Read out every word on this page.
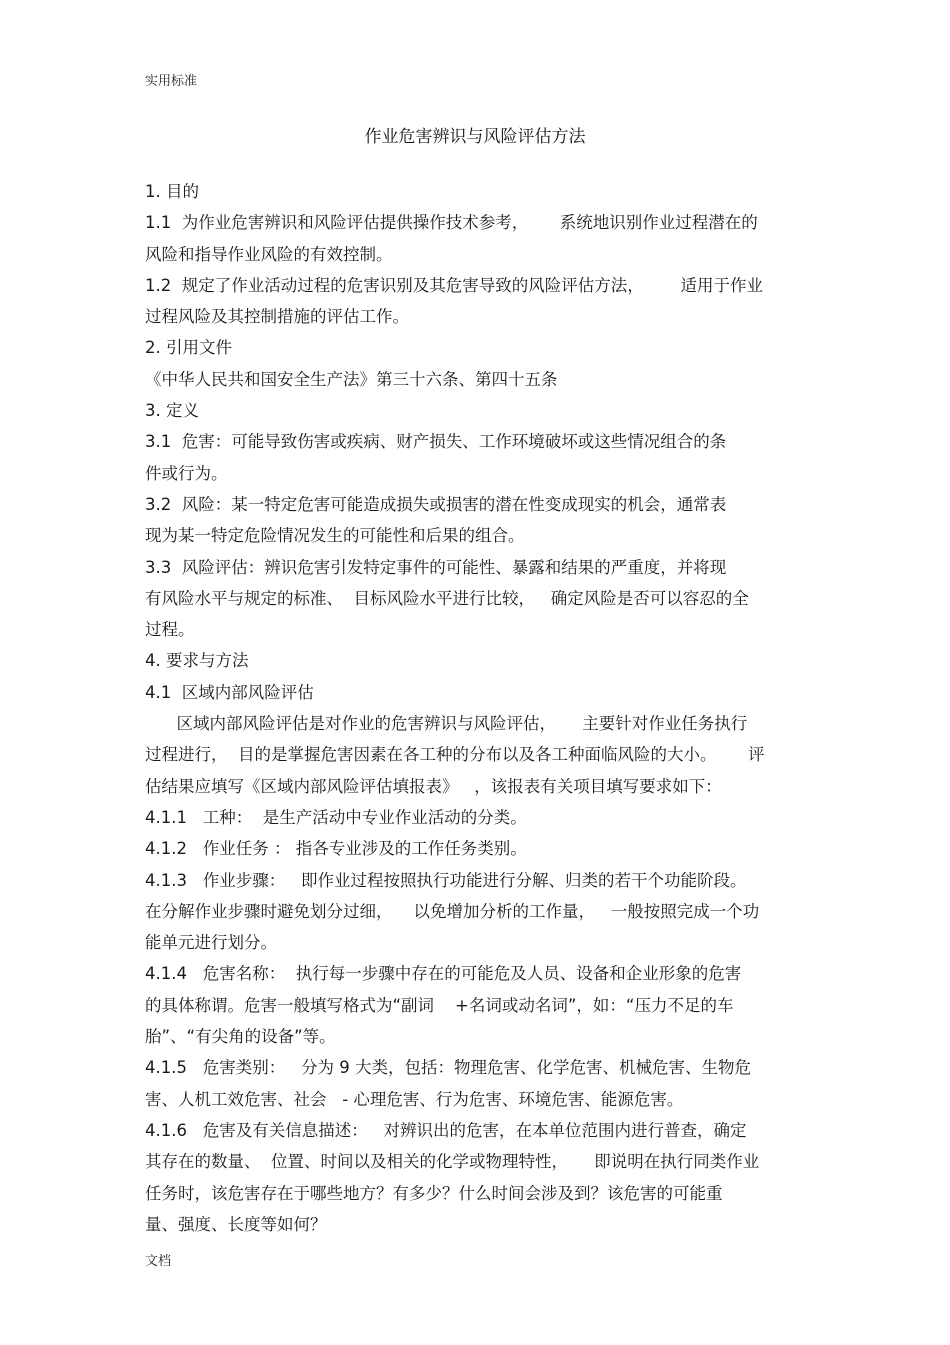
实用标准
作业危害辨识与风险评估方法
1. 目的
1.1  为作业危害辨识和风险评估提供操作技术参考，      系统地识别作业过程潜在的
风险和指导作业风险的有效控制。
1.2  规定了作业活动过程的危害识别及其危害导致的风险评估方法，       适用于作业
过程风险及其控制措施的评估工作。
2. 引用文件
《中华人民共和国安全生产法》第三十六条、第四十五条
3. 定义
3.1  危害：可能导致伤害或疾病、财产损失、工作环境破坏或这些情况组合的条
件或行为。
3.2  风险：某一特定危害可能造成损失或损害的潜在性变成现实的机会，通常表
现为某一特定危险情况发生的可能性和后果的组合。
3.3  风险评估：辨识危害引发特定事件的可能性、暴露和结果的严重度，并将现
有风险水平与规定的标准、  目标风险水平进行比较，   确定风险是否可以容忍的全
过程。
4. 要求与方法
4.1  区域内部风险评估
区域内部风险评估是对作业的危害辨识与风险评估，     主要针对作业任务执行
过程进行，  目的是掌握危害因素在各工种的分布以及各工种面临风险的大小。      评
估结果应填写《区域内部风险评估填报表》   ，该报表有关项目填写要求如下：
4.1.1   工种：  是生产活动中专业作业活动的分类。
4.1.2   作业任务 ： 指各专业涉及的工作任务类别。
4.1.3   作业步骤：   即作业过程按照执行功能进行分解、归类的若干个功能阶段。
在分解作业步骤时避免划分过细，    以免增加分析的工作量，   一般按照完成一个功
能单元进行划分。
4.1.4   危害名称：  执行每一步骤中存在的可能危及人员、设备和企业形象的危害
的具体称谓。危害一般填写格式为“副词    +名词或动名词”，如：“压力不足的车
胎”、“有尖角的设备”等。
4.1.5   危害类别：   分为 9 大类，包括：物理危害、化学危害、机械危害、生物危
害、人机工效危害、社会   - 心理危害、行为危害、环境危害、能源危害。
4.1.6   危害及有关信息描述：   对辨识出的危害，在本单位范围内进行普查，确定
其存在的数量、  位置、时间以及相关的化学或物理特性，     即说明在执行同类作业
任务时，该危害存在于哪些地方？有多少？什么时间会涉及到？该危害的可能重
量、强度、长度等如何？
文档
